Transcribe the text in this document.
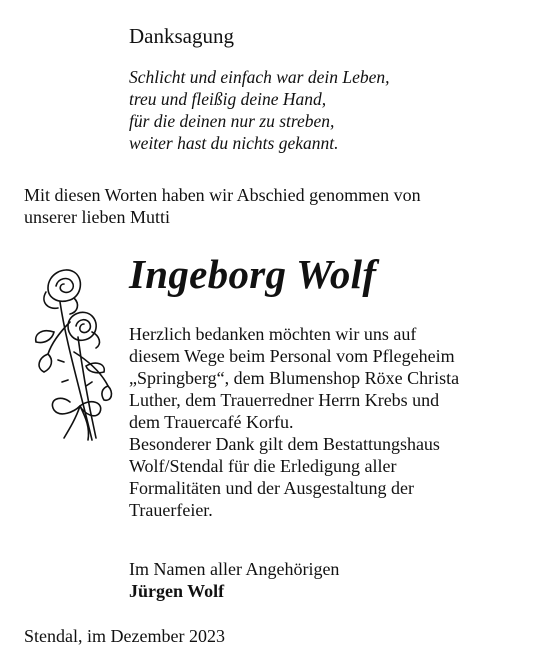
Danksagung
Schlicht und einfach war dein Leben,
treu und fleißig deine Hand,
für die deinen nur zu streben,
weiter hast du nichts gekannt.
Mit diesen Worten haben wir Abschied genommen von
unserer lieben Mutti
Ingeborg Wolf
Herzlich bedanken möchten wir uns auf
diesem Wege beim Personal vom Pflegeheim
„Springberg“, dem Blumenshop Röxe Christa
Luther, dem Trauerredner Herrn Krebs und
dem Trauercafé Korfu.
Besonderer Dank gilt dem Bestattungshaus
Wolf/Stendal für die Erledigung aller
Formalitäten und der Ausgestaltung der
Trauerfeier.
Im Namen aller Angehörigen
Jürgen Wolf
Stendal, im Dezember 2023
